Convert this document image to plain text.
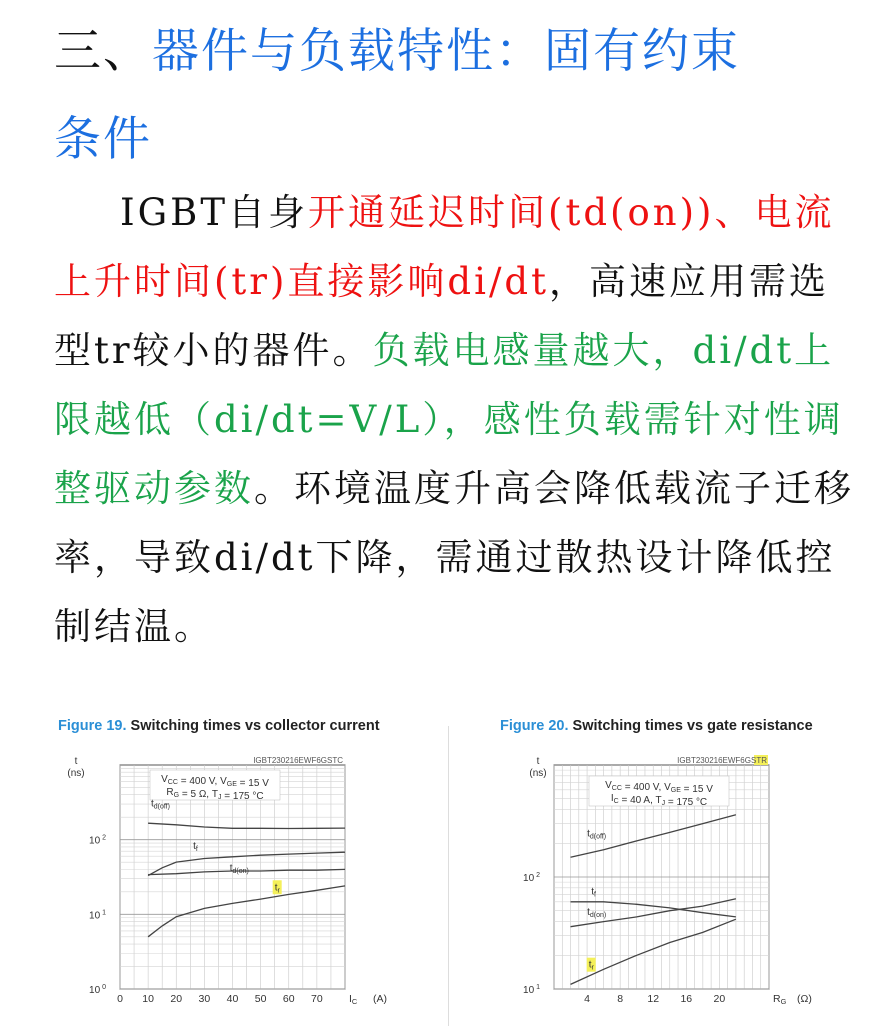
三、器件与负载特性：固有约束
条件
IGBT自身开通延迟时间(td(on))、电流上升时间(tr)直接影响di/dt，高速应用需选型tr较小的器件。负载电感量越大，di/dt上限越低（di/dt=V/L），感性负载需针对性调整驱动参数。环境温度升高会降低载流子迁移率，导致di/dt下降，需通过散热设计降低控制结温。
Figure 19. Switching times vs collector current
0 10 20 30 40 50 60 70	IC (A)
10 $^0$
10 $^1$
10 $^2$
t
(ns)
IGBT230216EWF6GSTC
$V_{CC} = 400$ V, $V_{GE} = 15$ V
$R_G = 5$ Ω, $T_J = 175$ °C
$t_{d(off)}$
$t_f$
$t_{d(on)}$
$t_r$
Figure 20. Switching times vs gate resistance
4	8 12 16 20	RG (Ω)
10 $^1$
10 $^2$
t
(ns)
IGBT230216EWF6GSTR
$V_{CC} = 400$ V, $V_{GE} = 15$ V
$I_C = 40$ A, $T_J = 175$ °C
$t_{d(off)}$
$t_f$
$t_{d(on)}$
$t_r$
